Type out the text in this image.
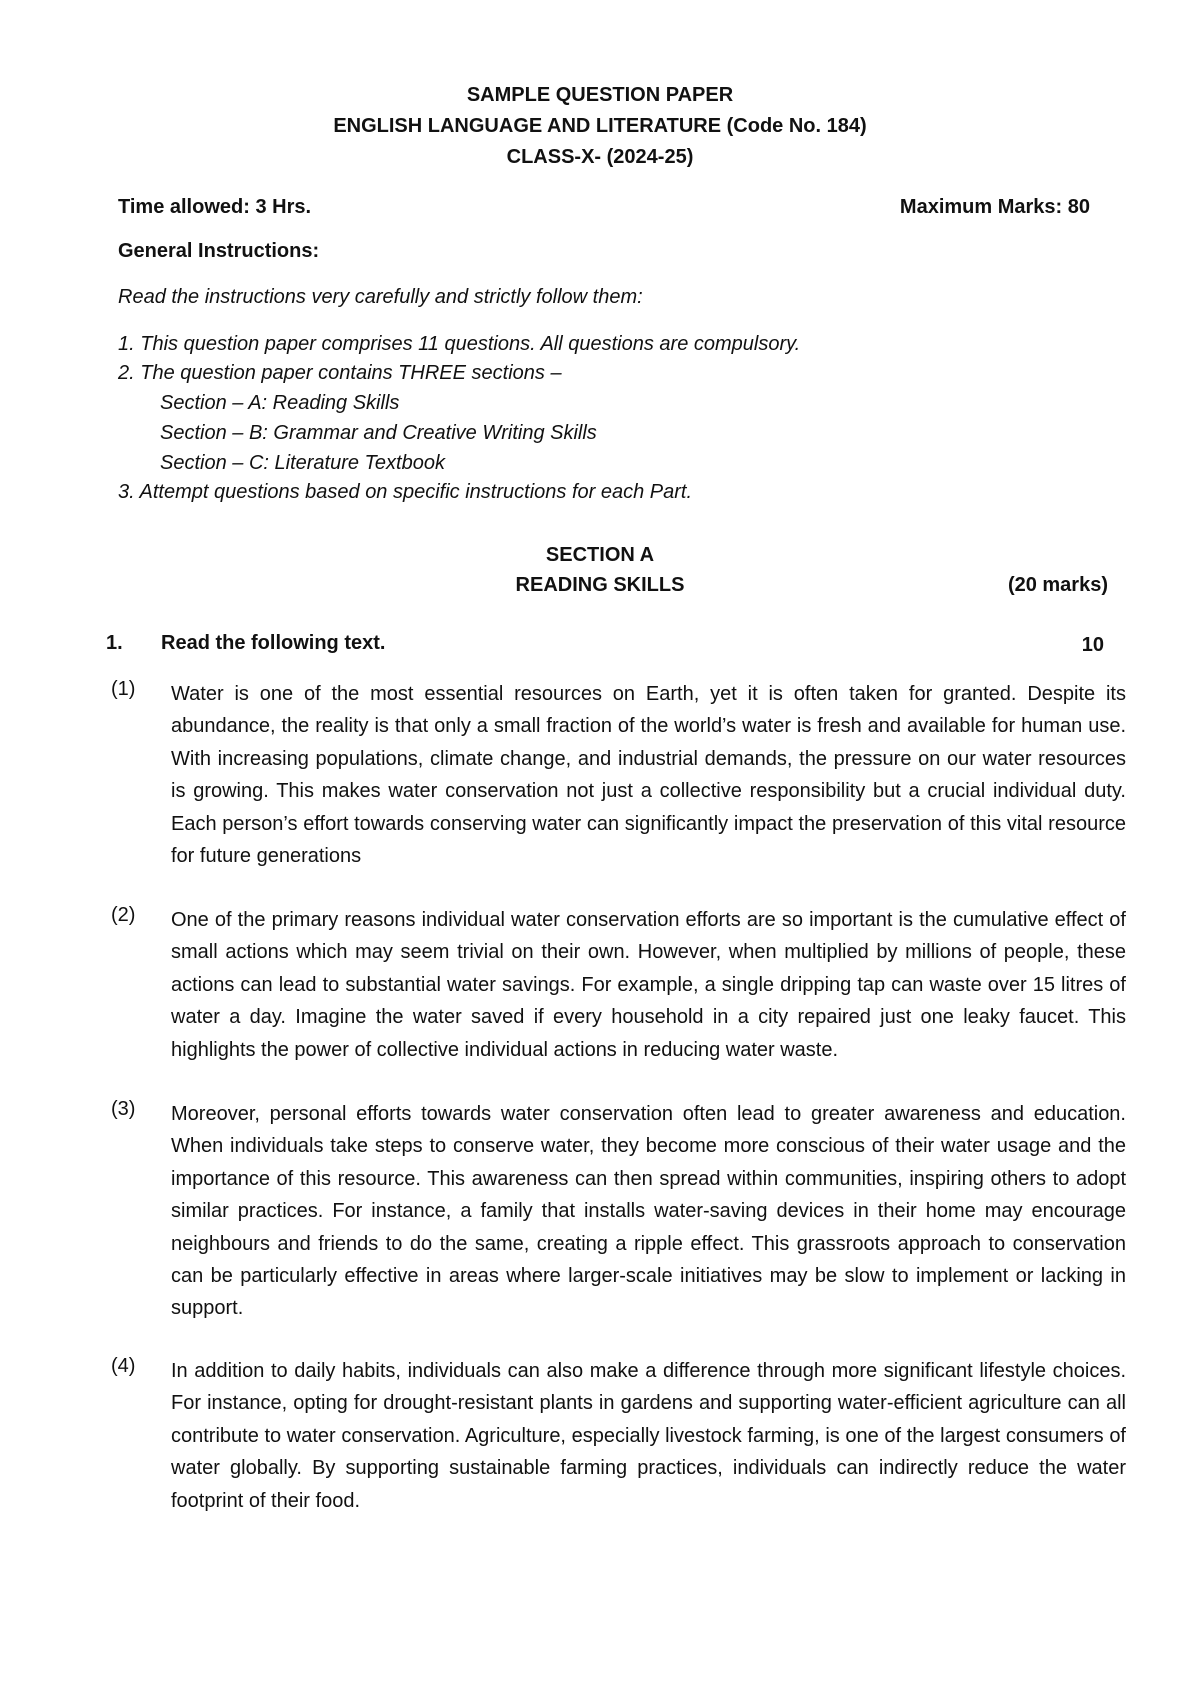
SAMPLE QUESTION PAPER
ENGLISH LANGUAGE AND LITERATURE (Code No. 184)
CLASS-X- (2024-25)
Time allowed: 3 Hrs.	Maximum Marks: 80
General Instructions:
Read the instructions very carefully and strictly follow them:
1. This question paper comprises 11 questions. All questions are compulsory.
2. The question paper contains THREE sections –
Section – A: Reading Skills
Section – B: Grammar and Creative Writing Skills
Section – C: Literature Textbook
3. Attempt questions based on specific instructions for each Part.
SECTION A
READING SKILLS	(20 marks)
1. Read the following text.	10
(1)	Water is one of the most essential resources on Earth, yet it is often taken for granted. Despite its abundance, the reality is that only a small fraction of the world’s water is fresh and available for human use. With increasing populations, climate change, and industrial demands, the pressure on our water resources is growing. This makes water conservation not just a collective responsibility but a crucial individual duty. Each person’s effort towards conserving water can significantly impact the preservation of this vital resource for future generations
(2)	One of the primary reasons individual water conservation efforts are so important is the cumulative effect of small actions which may seem trivial on their own. However, when multiplied by millions of people, these actions can lead to substantial water savings. For example, a single dripping tap can waste over 15 litres of water a day. Imagine the water saved if every household in a city repaired just one leaky faucet. This highlights the power of collective individual actions in reducing water waste.
(3)	Moreover, personal efforts towards water conservation often lead to greater awareness and education. When individuals take steps to conserve water, they become more conscious of their water usage and the importance of this resource. This awareness can then spread within communities, inspiring others to adopt similar practices. For instance, a family that installs water-saving devices in their home may encourage neighbours and friends to do the same, creating a ripple effect. This grassroots approach to conservation can be particularly effective in areas where larger-scale initiatives may be slow to implement or lacking in support.
(4)	In addition to daily habits, individuals can also make a difference through more significant lifestyle choices. For instance, opting for drought-resistant plants in gardens and supporting water-efficient agriculture can all contribute to water conservation. Agriculture, especially livestock farming, is one of the largest consumers of water globally. By supporting sustainable farming practices, individuals can indirectly reduce the water footprint of their food.
